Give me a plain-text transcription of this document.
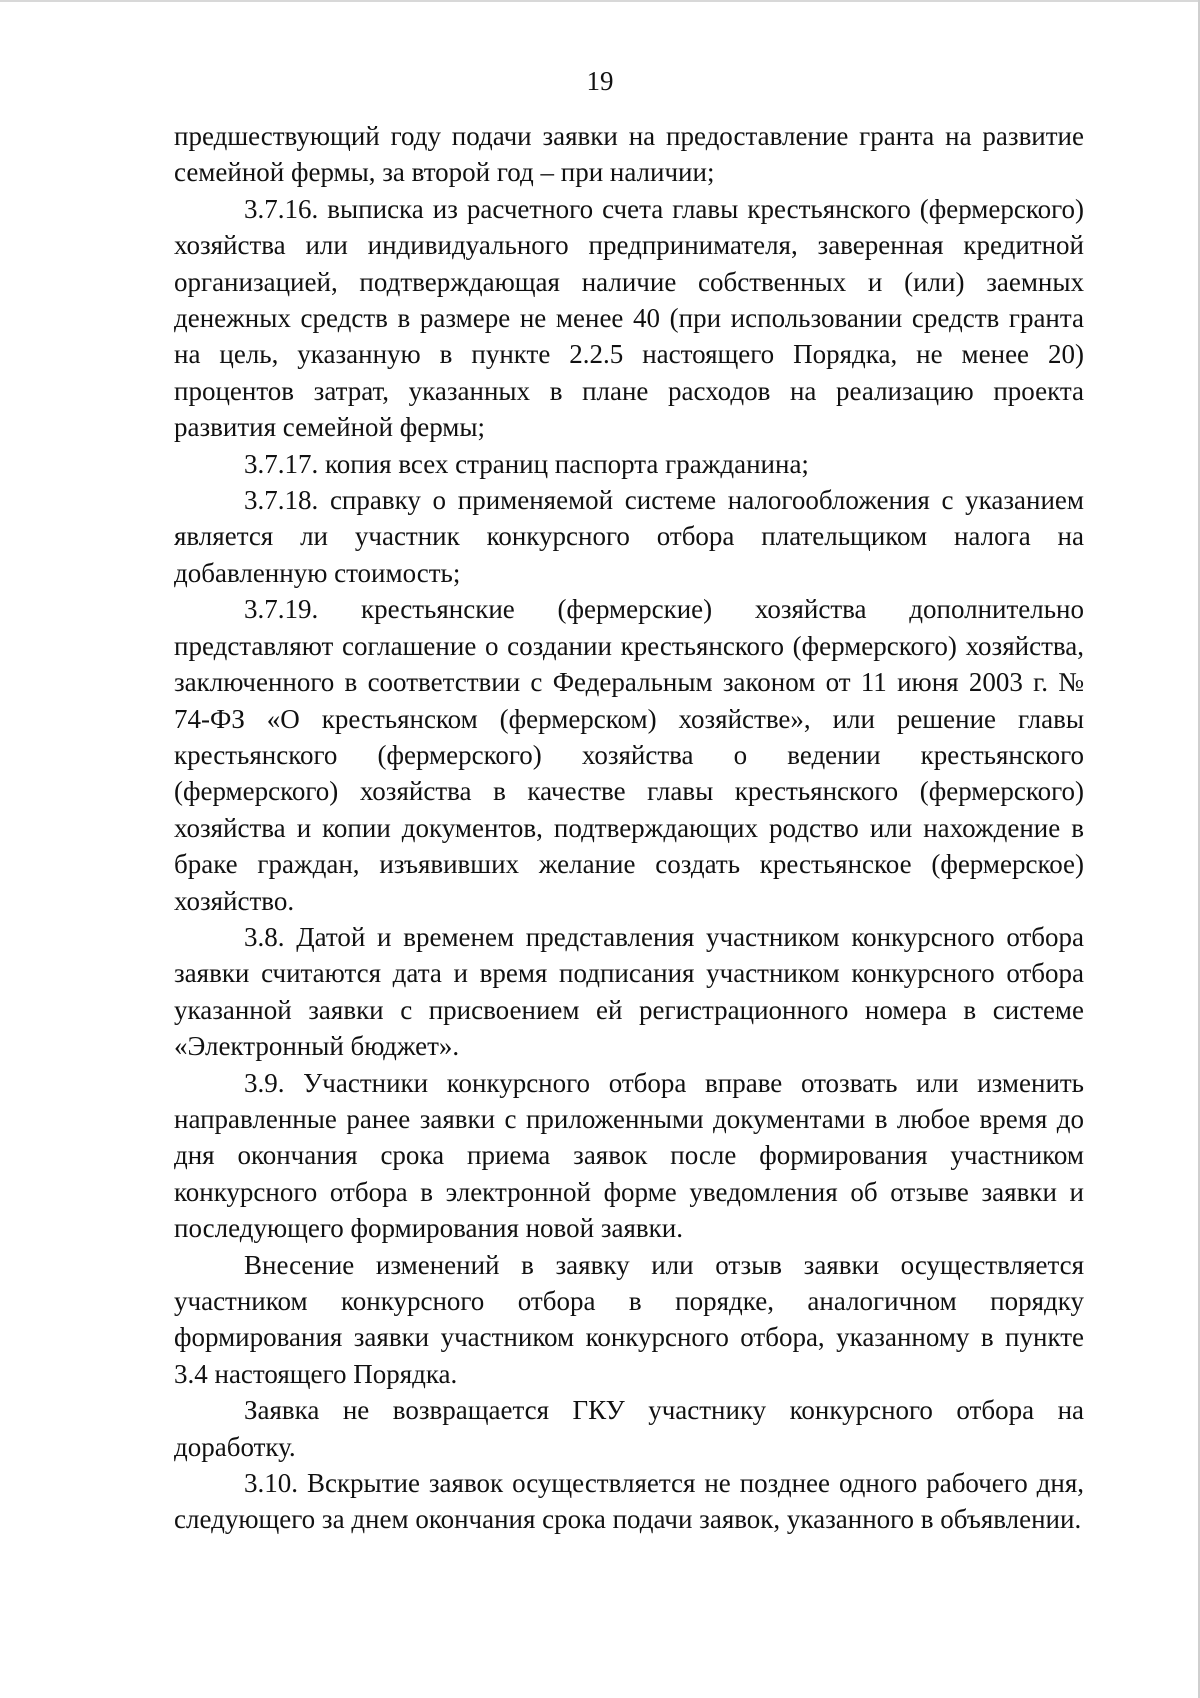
19

предшествующий году подачи заявки на предоставление гранта на развитие семейной фермы, за второй год – при наличии;

3.7.16. выписка из расчетного счета главы крестьянского (фермерского) хозяйства или индивидуального предпринимателя, заверенная кредитной организацией, подтверждающая наличие собственных и (или) заемных денежных средств в размере не менее 40 (при использовании средств гранта на цель, указанную в пункте 2.2.5 настоящего Порядка, не менее 20) процентов затрат, указанных в плане расходов на реализацию проекта развития семейной фермы;

3.7.17. копия всех страниц паспорта гражданина;

3.7.18. справку о применяемой системе налогообложения с указанием является ли участник конкурсного отбора плательщиком налога на добавленную стоимость;

3.7.19. крестьянские (фермерские) хозяйства дополнительно представляют соглашение о создании крестьянского (фермерского) хозяйства, заключенного в соответствии с Федеральным законом от 11 июня 2003 г. № 74-ФЗ «О крестьянском (фермерском) хозяйстве», или решение главы крестьянского (фермерского) хозяйства о ведении крестьянского (фермерского) хозяйства в качестве главы крестьянского (фермерского) хозяйства и копии документов, подтверждающих родство или нахождение в браке граждан, изъявивших желание создать крестьянское (фермерское) хозяйство.

3.8. Датой и временем представления участником конкурсного отбора заявки считаются дата и время подписания участником конкурсного отбора указанной заявки с присвоением ей регистрационного номера в системе «Электронный бюджет».

3.9. Участники конкурсного отбора вправе отозвать или изменить направленные ранее заявки с приложенными документами в любое время до дня окончания срока приема заявок после формирования участником конкурсного отбора в электронной форме уведомления об отзыве заявки и последующего формирования новой заявки.

Внесение изменений в заявку или отзыв заявки осуществляется участником конкурсного отбора в порядке, аналогичном порядку формирования заявки участником конкурсного отбора, указанному в пункте 3.4 настоящего Порядка.

Заявка не возвращается ГКУ участнику конкурсного отбора на доработку.

3.10. Вскрытие заявок осуществляется не позднее одного рабочего дня, следующего за днем окончания срока подачи заявок, указанного в объявлении.
